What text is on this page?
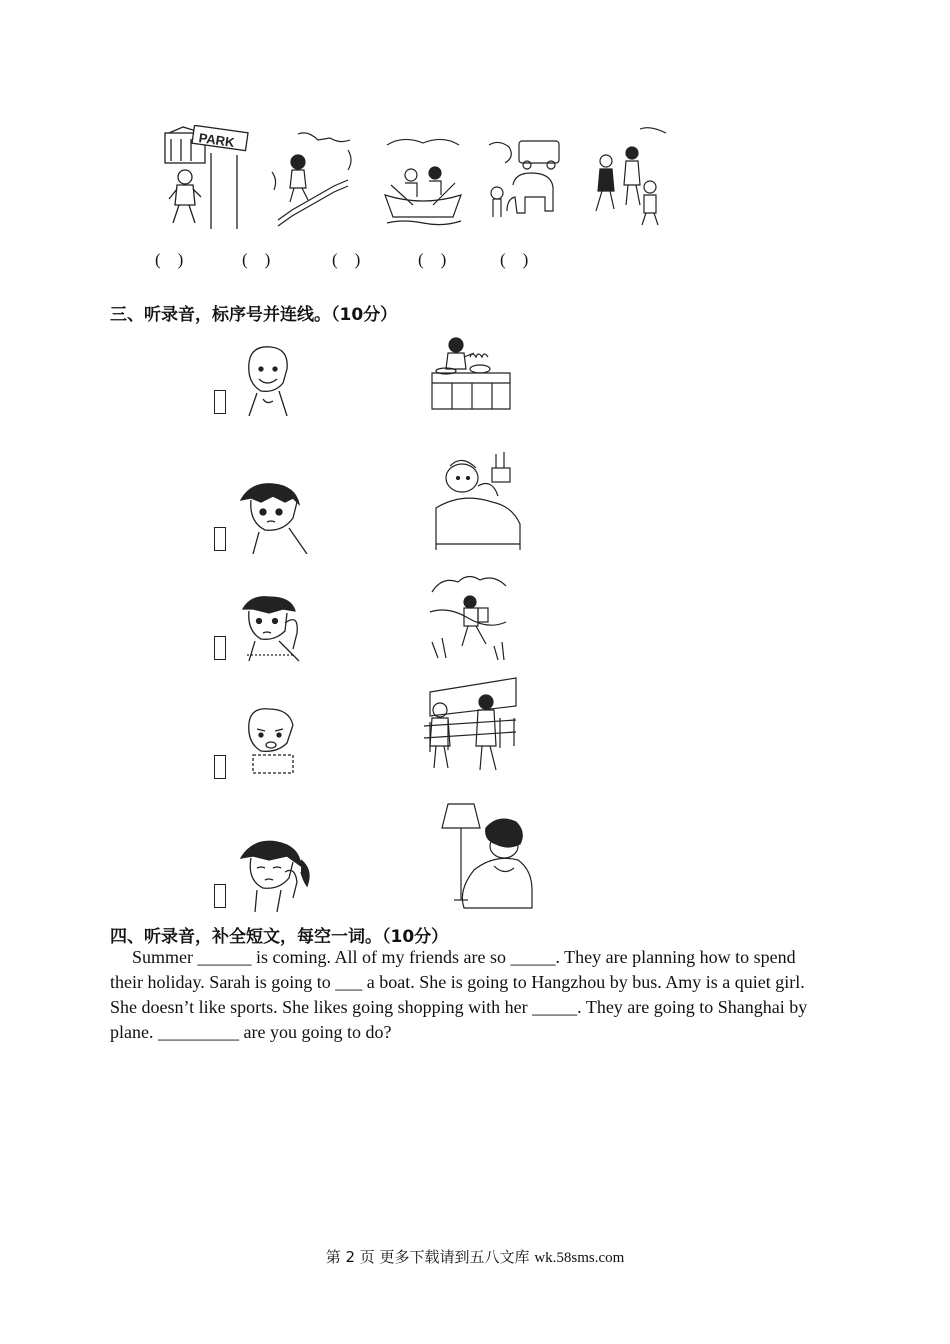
PARK
(    )	(    )	(    )	(    )	(    )
三、听录音，标序号并连线。（10分）
四、听录音，补全短文，每空一词。（10分）
Summer ______ is coming. All of my friends are so _____. They are planning how to spend
their holiday. Sarah is going to ___ a boat. She is going to Hangzhou by bus. Amy is a quiet girl.
She doesn’t like sports. She likes going shopping with her _____. They are going to Shanghai by
plane. _________ are you going to do?
第 2 页 更多下载请到五八文库 wk.58sms.com
